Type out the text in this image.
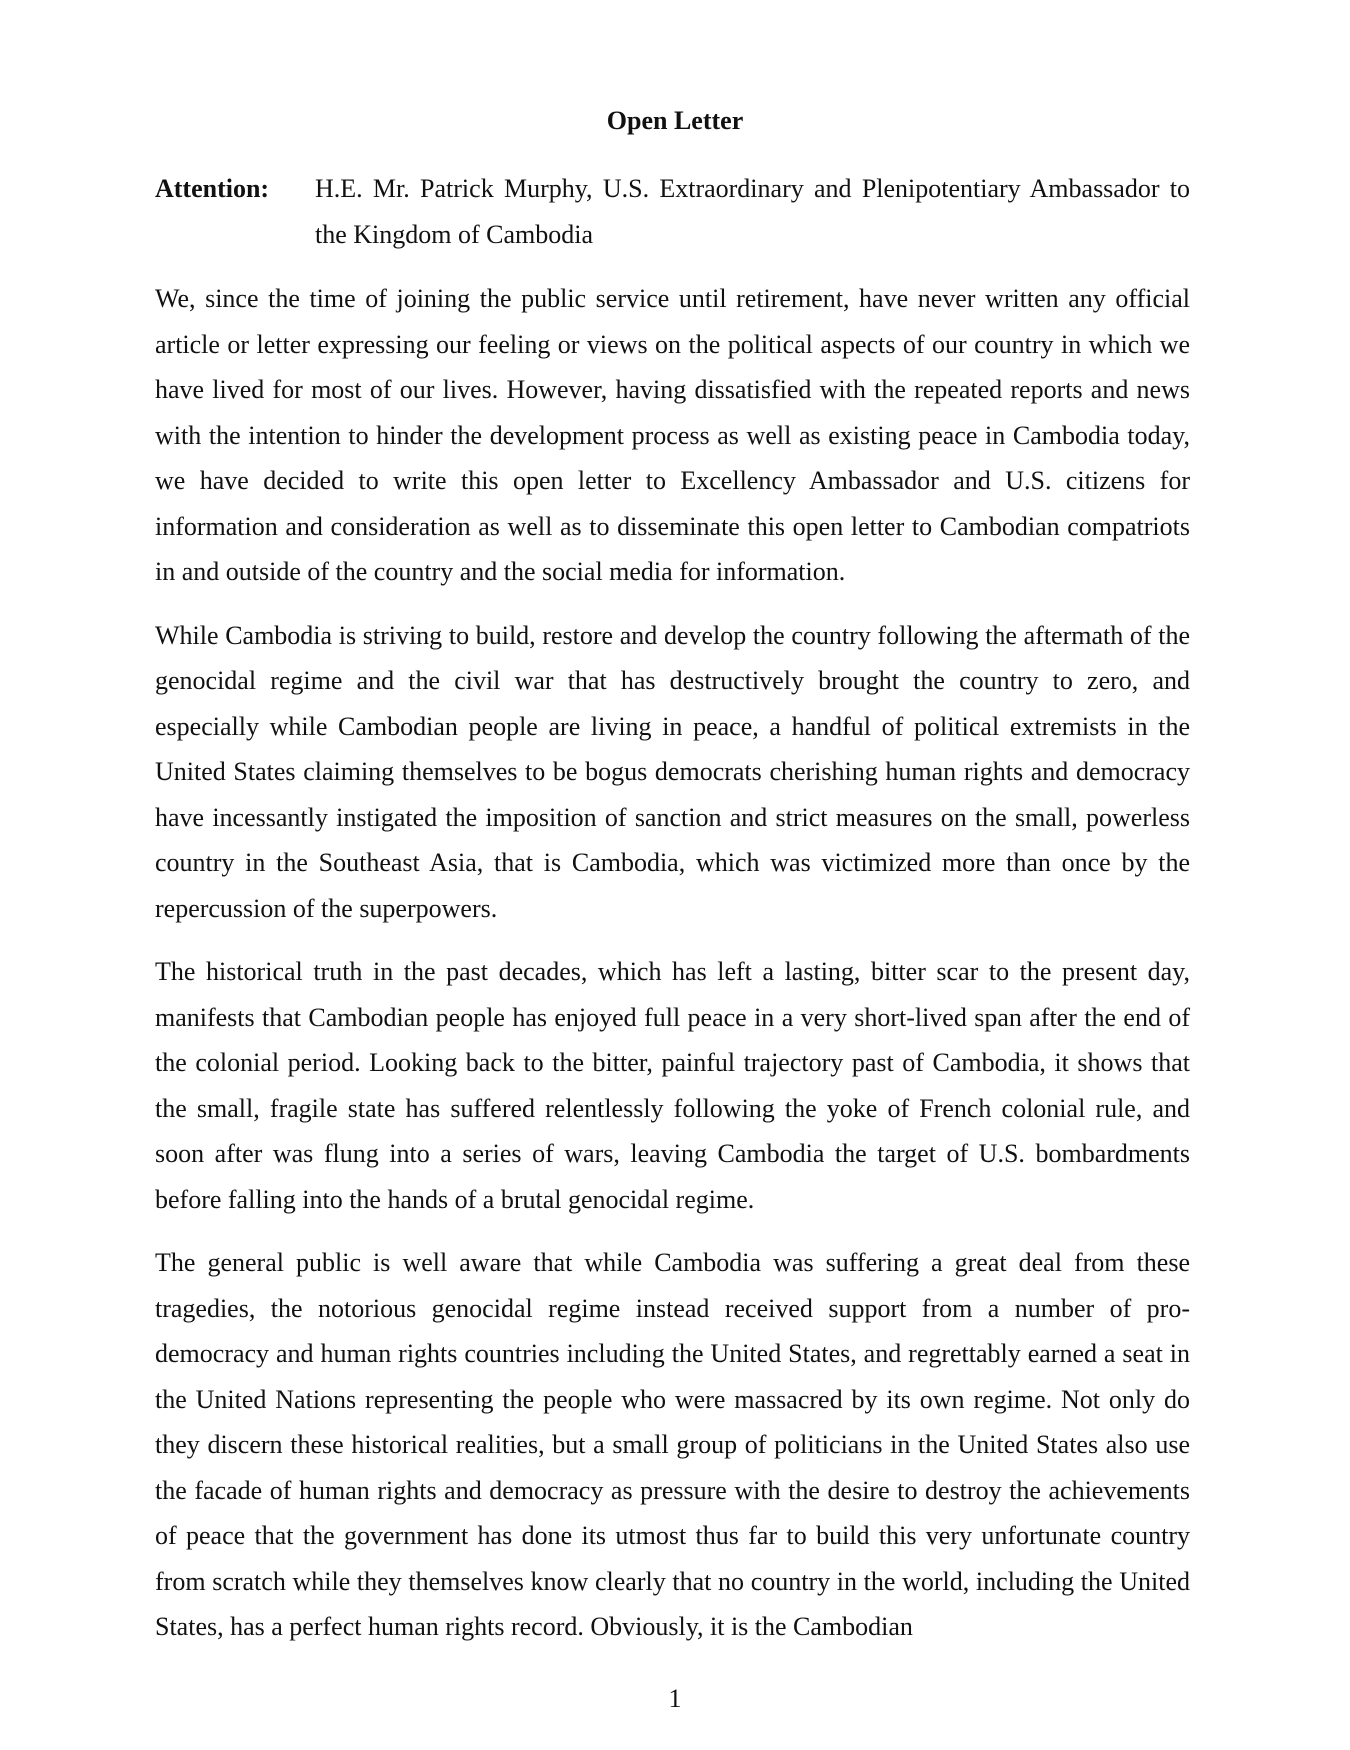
Open Letter
Attention:	H.E. Mr. Patrick Murphy, U.S. Extraordinary and Plenipotentiary Ambassador to the Kingdom of Cambodia

We, since the time of joining the public service until retirement, have never written any official article or letter expressing our feeling or views on the political aspects of our country in which we have lived for most of our lives. However, having dissatisfied with the repeated reports and news with the intention to hinder the development process as well as existing peace in Cambodia today, we have decided to write this open letter to Excellency Ambassador and U.S. citizens for information and consideration as well as to disseminate this open letter to Cambodian compatriots in and outside of the country and the social media for information.

While Cambodia is striving to build, restore and develop the country following the aftermath of the genocidal regime and the civil war that has destructively brought the country to zero, and especially while Cambodian people are living in peace, a handful of political extremists in the United States claiming themselves to be bogus democrats cherishing human rights and democracy have incessantly instigated the imposition of sanction and strict measures on the small, powerless country in the Southeast Asia, that is Cambodia, which was victimized more than once by the repercussion of the superpowers.

The historical truth in the past decades, which has left a lasting, bitter scar to the present day, manifests that Cambodian people has enjoyed full peace in a very short-lived span after the end of the colonial period. Looking back to the bitter, painful trajectory past of Cambodia, it shows that the small, fragile state has suffered relentlessly following the yoke of French colonial rule, and soon after was flung into a series of wars, leaving Cambodia the target of U.S. bombardments before falling into the hands of a brutal genocidal regime.

The general public is well aware that while Cambodia was suffering a great deal from these tragedies, the notorious genocidal regime instead received support from a number of pro-democracy and human rights countries including the United States, and regrettably earned a seat in the United Nations representing the people who were massacred by its own regime. Not only do they discern these historical realities, but a small group of politicians in the United States also use the facade of human rights and democracy as pressure with the desire to destroy the achievements of peace that the government has done its utmost thus far to build this very unfortunate country from scratch while they themselves know clearly that no country in the world, including the United States, has a perfect human rights record. Obviously, it is the Cambodian

1
